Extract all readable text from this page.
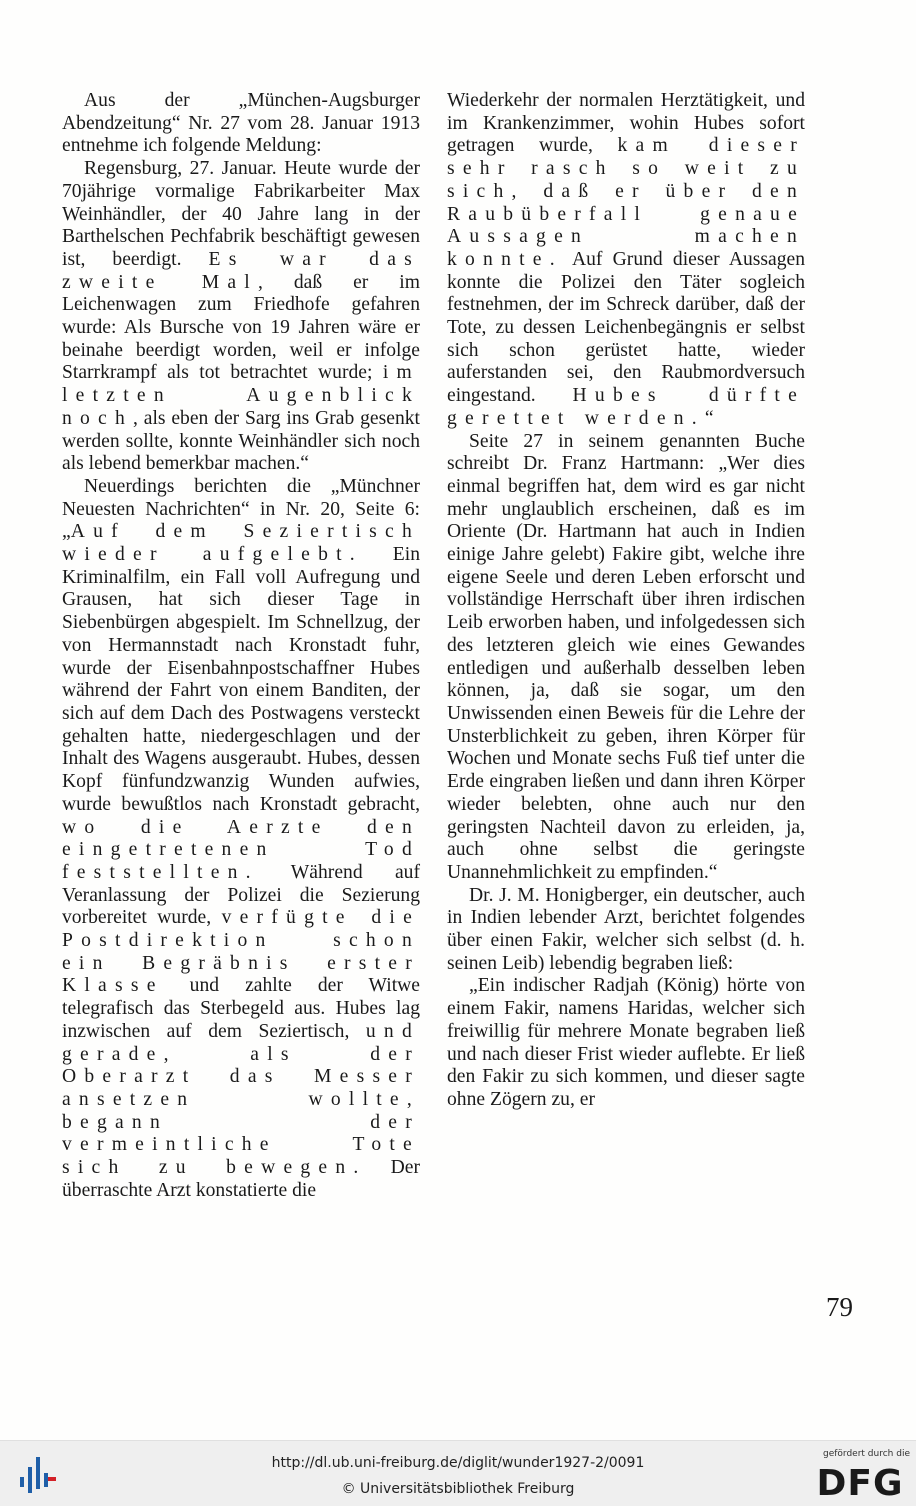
Aus der „München-Augsburger Abendzeitung“ Nr. 27 vom 28. Januar 1913 entnehme ich folgende Meldung:

Regensburg, 27. Januar. Heute wurde der 70jährige vormalige Fabrikarbeiter Max Weinhändler, der 40 Jahre lang in der Barthelschen Pechfabrik beschäftigt gewesen ist, beerdigt. Es war das zweite Mal, daß er im Leichenwagen zum Friedhofe gefahren wurde: Als Bursche von 19 Jahren wäre er beinahe beerdigt worden, weil er infolge Starrkrampf als tot betrachtet wurde; im letzten Augenblick noch, als eben der Sarg ins Grab gesenkt werden sollte, konnte Weinhändler sich noch als lebend bemerkbar machen.“

Neuerdings berichten die „Münchner Neuesten Nachrichten“ in Nr. 20, Seite 6: „Auf dem Seziertisch wieder aufgelebt. Ein Kriminalfilm, ein Fall voll Aufregung und Grausen, hat sich dieser Tage in Siebenbürgen abgespielt. Im Schnellzug, der von Hermannstadt nach Kronstadt fuhr, wurde der Eisenbahnpostschaffner Hubes während der Fahrt von einem Banditen, der sich auf dem Dach des Postwagens versteckt gehalten hatte, niedergeschlagen und der Inhalt des Wagens ausgeraubt. Hubes, dessen Kopf fünfundzwanzig Wunden aufwies, wurde bewußtlos nach Kronstadt gebracht, wo die Aerzte den eingetretenen Tod feststellten. Während auf Veranlassung der Polizei die Sezierung vorbereitet wurde, verfügte die Postdirektion schon ein Begräbnis erster Klasse und zahlte der Witwe telegrafisch das Sterbegeld aus. Hubes lag inzwischen auf dem Seziertisch, und gerade, als der Oberarzt das Messer ansetzen wollte, begann der vermeintliche Tote sich zu bewegen. Der überraschte Arzt konstatierte die

Wiederkehr der normalen Herztätigkeit, und im Krankenzimmer, wohin Hubes sofort getragen wurde, kam dieser sehr rasch so weit zu sich, daß er über den Raubüberfall genaue Aussagen machen konnte. Auf Grund dieser Aussagen konnte die Polizei den Täter sogleich festnehmen, der im Schreck darüber, daß der Tote, zu dessen Leichenbegängnis er selbst sich schon gerüstet hatte, wieder auferstanden sei, den Raubmordversuch eingestand. Hubes dürfte gerettet werden.“

Seite 27 in seinem genannten Buche schreibt Dr. Franz Hartmann: „Wer dies einmal begriffen hat, dem wird es gar nicht mehr unglaublich erscheinen, daß es im Oriente (Dr. Hartmann hat auch in Indien einige Jahre gelebt) Fakire gibt, welche ihre eigene Seele und deren Leben erforscht und vollständige Herrschaft über ihren irdischen Leib erworben haben, und infolgedessen sich des letzteren gleich wie eines Gewandes entledigen und außerhalb desselben leben können, ja, daß sie sogar, um den Unwissenden einen Beweis für die Lehre der Unsterblichkeit zu geben, ihren Körper für Wochen und Monate sechs Fuß tief unter die Erde eingraben ließen und dann ihren Körper wieder belebten, ohne auch nur den geringsten Nachteil davon zu erleiden, ja, auch ohne selbst die geringste Unannehmlichkeit zu empfinden.“

Dr. J. M. Honigberger, ein deutscher, auch in Indien lebender Arzt, berichtet folgendes über einen Fakir, welcher sich selbst (d. h. seinen Leib) lebendig begraben ließ:

„Ein indischer Radjah (König) hörte von einem Fakir, namens Haridas, welcher sich freiwillig für mehrere Monate begraben ließ und nach dieser Frist wieder auflebte. Er ließ den Fakir zu sich kommen, und dieser sagte ohne Zögern zu, er

79
http://dl.ub.uni-freiburg.de/diglit/wunder1927-2/0091
© Universitätsbibliothek Freiburg
gefördert durch die
DFG
